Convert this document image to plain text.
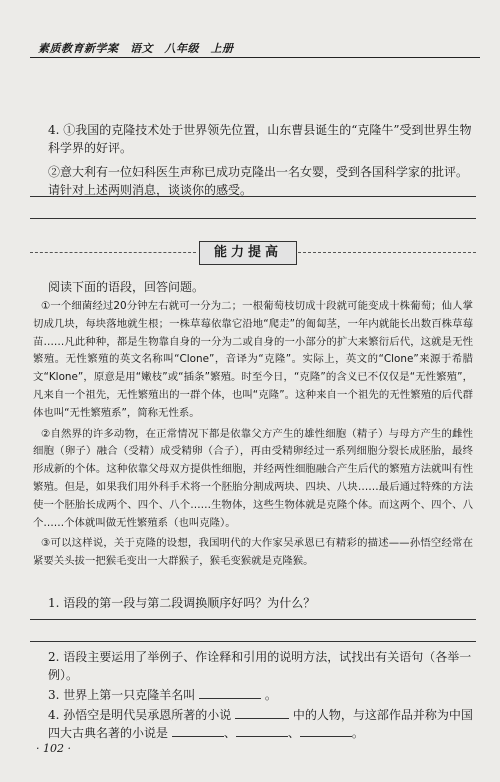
素质教育新学案　语文　八年级　上册

4. ①我国的克隆技术处于世界领先位置，山东曹县诞生的“克隆牛”受到世界生物科学界的好评。

②意大利有一位妇科医生声称已成功克隆出一名女婴，受到各国科学家的批评。

请针对上述两则消息，谈谈你的感受。

能力提高
阅读下面的语段，回答问题。

①一个细菌经过20分钟左右就可一分为二；一根葡萄枝切成十段就可能变成十株葡萄；仙人掌切成几块，每块落地就生根；一株草莓依靠它沿地“爬走”的匍匐茎，一年内就能长出数百株草莓苗……凡此种种，都是生物靠自身的一分为二或自身的一小部分的扩大来繁衍后代，这就是无性繁殖。无性繁殖的英文名称叫“Clone”，音译为“克隆”。实际上，英文的“Clone”来源于希腊文“Klone”，原意是用“嫩枝”或“插条”繁殖。时至今日，“克隆”的含义已不仅仅是“无性繁殖”，凡来自一个祖先，无性繁殖出的一群个体，也叫“克隆”。这种来自一个祖先的无性繁殖的后代群体也叫“无性繁殖系”，简称无性系。

②自然界的许多动物，在正常情况下都是依靠父方产生的雄性细胞（精子）与母方产生的雌性细胞（卵子）融合（受精）成受精卵（合子），再由受精卵经过一系列细胞分裂长成胚胎，最终形成新的个体。这种依靠父母双方提供性细胞，并经两性细胞融合产生后代的繁殖方法就叫有性繁殖。但是，如果我们用外科手术将一个胚胎分割成两块、四块、八块……最后通过特殊的方法使一个胚胎长成两个、四个、八个……生物体，这些生物体就是克隆个体。而这两个、四个、八个……个体就叫做无性繁殖系（也叫克隆）。

③可以这样说，关于克隆的设想，我国明代的大作家吴承恩已有精彩的描述——孙悟空经常在紧要关头拔一把猴毛变出一大群猴子，猴毛变猴就是克隆猴。

1. 语段的第一段与第二段调换顺序好吗？为什么？
2. 语段主要运用了举例子、作诠释和引用的说明方法，试找出有关语句（各举一例）。
3. 世界上第一只克隆羊名叫	。
4. 孙悟空是明代吴承恩所著的小说	中的人物，与这部作品并称为中国四大古典名著的小说是	、	、	。
· 102 ·
